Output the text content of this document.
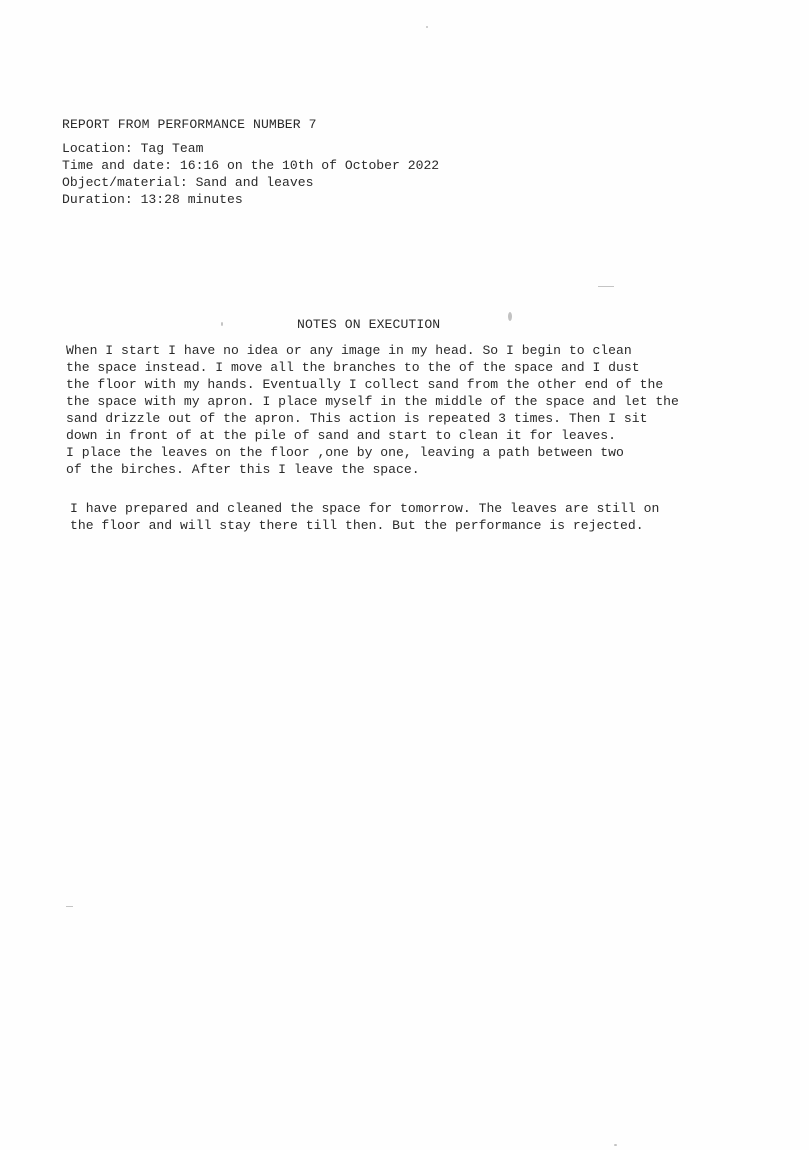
REPORT FROM PERFORMANCE NUMBER 7

Location: Tag Team
Time and date: 16:16 on the 10th of October 2022
Object/material: Sand and leaves
Duration: 13:28 minutes

NOTES ON EXECUTION

When I start I have no idea or any image in my head. So I begin to clean
the space instead. I move all the branches to the of the space and I dust
the floor with my hands. Eventually I collect sand from the other end of the
the space with my apron. I place myself in the middle of the space and let the
sand drizzle out of the apron. This action is repeated 3 times. Then I sit
down in front of at the pile of sand and start to clean it for leaves.
I place the leaves on the floor ,one by one, leaving a path between two
of the birches. After this I leave the space.
I have prepared and cleaned the space for tomorrow. The leaves are still on
the floor and will stay there till then. But the performance is rejected.
